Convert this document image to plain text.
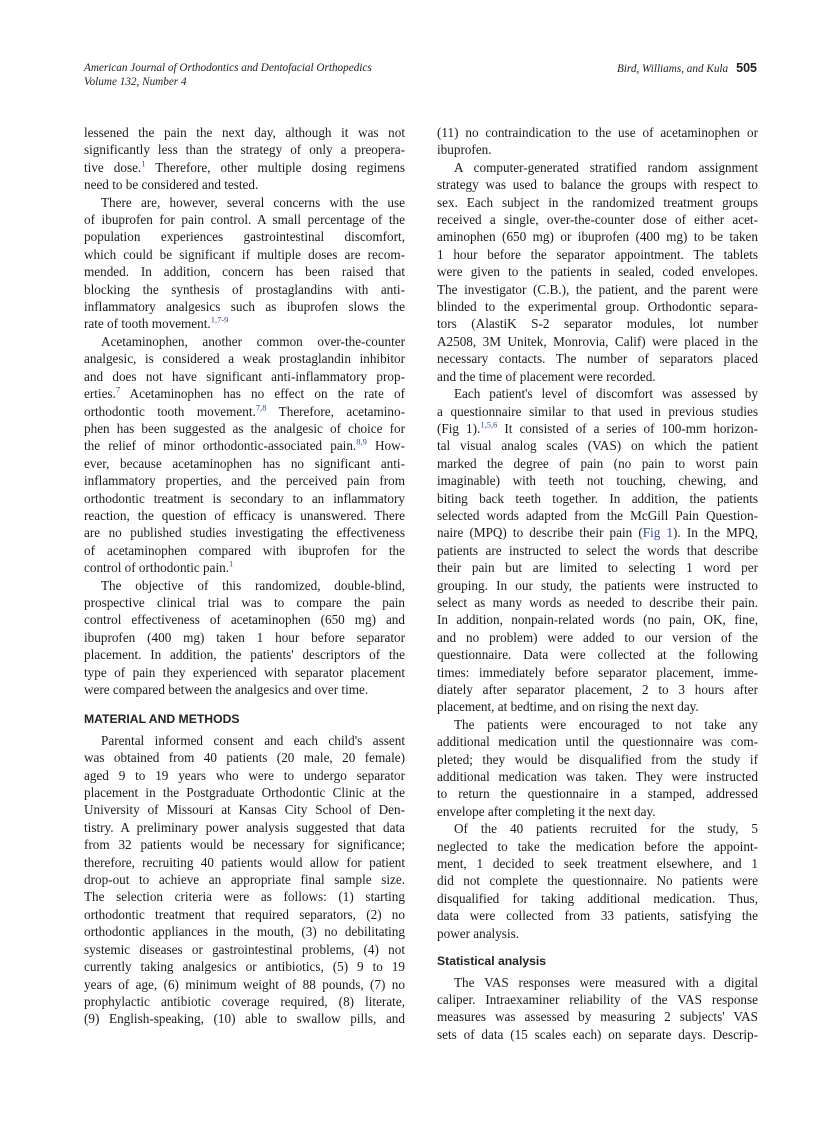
American Journal of Orthodontics and Dentofacial Orthopedics
Volume 132, Number 4
Bird, Williams, and Kula 505
lessened the pain the next day, although it was not
significantly less than the strategy of only a preopera-
tive dose.$^1$ Therefore, other multiple dosing regimens
need to be considered and tested.
There are, however, several concerns with the use
of ibuprofen for pain control. A small percentage of the
population experiences gastrointestinal discomfort,
which could be significant if multiple doses are recom-
mended. In addition, concern has been raised that
blocking the synthesis of prostaglandins with anti-
inflammatory analgesics such as ibuprofen slows the
rate of tooth movement.$^{1,7-9}$
Acetaminophen, another common over-the-counter
analgesic, is considered a weak prostaglandin inhibitor
and does not have significant anti-inflammatory prop-
erties.$^7$ Acetaminophen has no effect on the rate of
orthodontic tooth movement.$^{7,8}$ Therefore, acetamino-
phen has been suggested as the analgesic of choice for
the relief of minor orthodontic-associated pain.$^{8,9}$ How-
ever, because acetaminophen has no significant anti-
inflammatory properties, and the perceived pain from
orthodontic treatment is secondary to an inflammatory
reaction, the question of efficacy is unanswered. There
are no published studies investigating the effectiveness
of acetaminophen compared with ibuprofen for the
control of orthodontic pain.$^1$
The objective of this randomized, double-blind,
prospective clinical trial was to compare the pain
control effectiveness of acetaminophen (650 mg) and
ibuprofen (400 mg) taken 1 hour before separator
placement. In addition, the patients' descriptors of the
type of pain they experienced with separator placement
were compared between the analgesics and over time.
MATERIAL AND METHODS
Parental informed consent and each child's assent
was obtained from 40 patients (20 male, 20 female)
aged 9 to 19 years who were to undergo separator
placement in the Postgraduate Orthodontic Clinic at the
University of Missouri at Kansas City School of Den-
tistry. A preliminary power analysis suggested that data
from 32 patients would be necessary for significance;
therefore, recruiting 40 patients would allow for patient
drop-out to achieve an appropriate final sample size.
The selection criteria were as follows: (1) starting
orthodontic treatment that required separators, (2) no
orthodontic appliances in the mouth, (3) no debilitating
systemic diseases or gastrointestinal problems, (4) not
currently taking analgesics or antibiotics, (5) 9 to 19
years of age, (6) minimum weight of 88 pounds, (7) no
prophylactic antibiotic coverage required, (8) literate,
(9) English-speaking, (10) able to swallow pills, and
(11) no contraindication to the use of acetaminophen or
ibuprofen.
A computer-generated stratified random assignment
strategy was used to balance the groups with respect to
sex. Each subject in the randomized treatment groups
received a single, over-the-counter dose of either acet-
aminophen (650 mg) or ibuprofen (400 mg) to be taken
1 hour before the separator appointment. The tablets
were given to the patients in sealed, coded envelopes.
The investigator (C.B.), the patient, and the parent were
blinded to the experimental group. Orthodontic separa-
tors (AlastiK S-2 separator modules, lot number
A2508, 3M Unitek, Monrovia, Calif) were placed in the
necessary contacts. The number of separators placed
and the time of placement were recorded.
Each patient's level of discomfort was assessed by
a questionnaire similar to that used in previous studies
(Fig 1).$^{1,5,6}$ It consisted of a series of 100-mm horizon-
tal visual analog scales (VAS) on which the patient
marked the degree of pain (no pain to worst pain
imaginable) with teeth not touching, chewing, and
biting back teeth together. In addition, the patients
selected words adapted from the McGill Pain Question-
naire (MPQ) to describe their pain (Fig 1). In the MPQ,
patients are instructed to select the words that describe
their pain but are limited to selecting 1 word per
grouping. In our study, the patients were instructed to
select as many words as needed to describe their pain.
In addition, nonpain-related words (no pain, OK, fine,
and no problem) were added to our version of the
questionnaire. Data were collected at the following
times: immediately before separator placement, imme-
diately after separator placement, 2 to 3 hours after
placement, at bedtime, and on rising the next day.
The patients were encouraged to not take any
additional medication until the questionnaire was com-
pleted; they would be disqualified from the study if
additional medication was taken. They were instructed
to return the questionnaire in a stamped, addressed
envelope after completing it the next day.
Of the 40 patients recruited for the study, 5
neglected to take the medication before the appoint-
ment, 1 decided to seek treatment elsewhere, and 1
did not complete the questionnaire. No patients were
disqualified for taking additional medication. Thus,
data were collected from 33 patients, satisfying the
power analysis.
Statistical analysis
The VAS responses were measured with a digital
caliper. Intraexaminer reliability of the VAS response
measures was assessed by measuring 2 subjects' VAS
sets of data (15 scales each) on separate days. Descrip-
